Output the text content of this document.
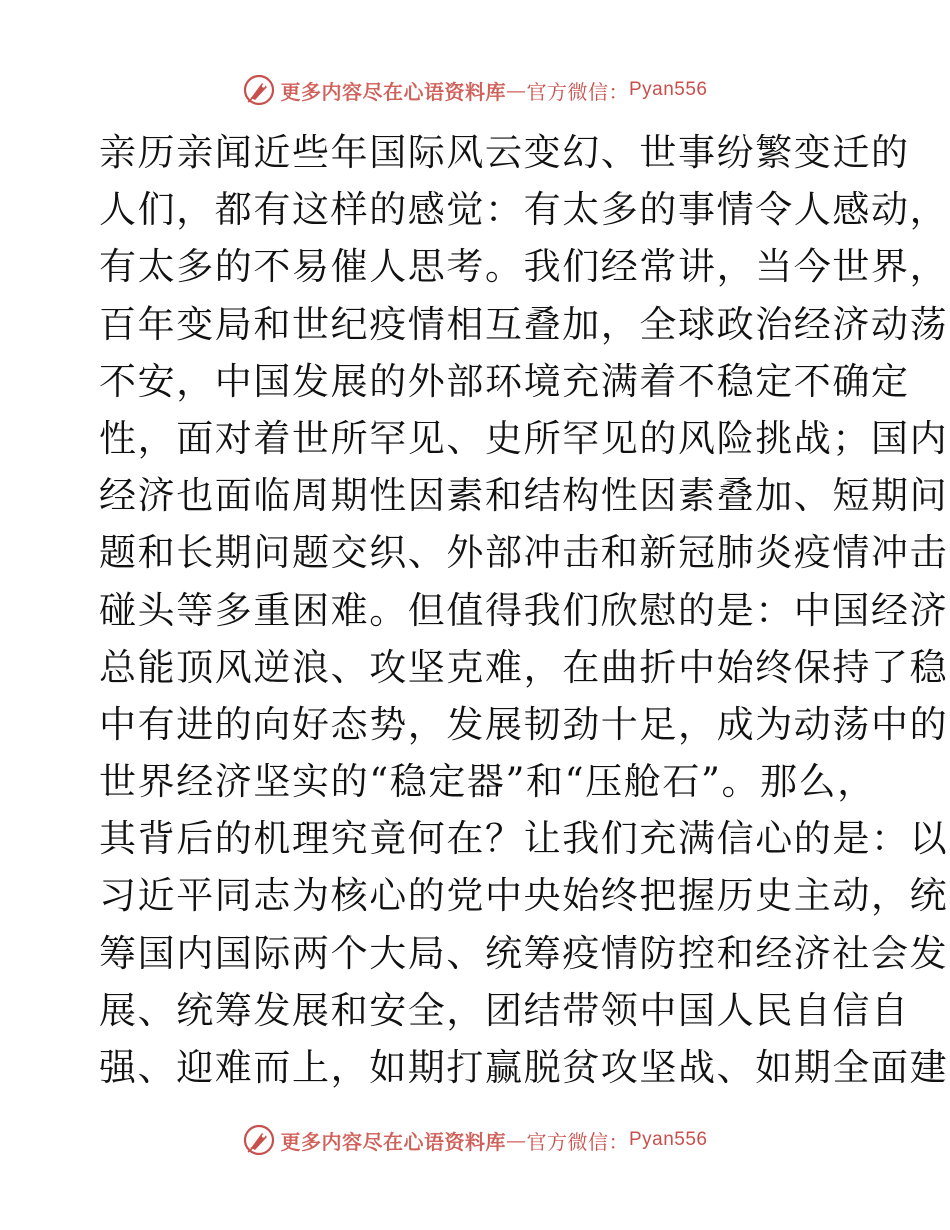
更多内容尽在心语资料库 — 官方微信： Pyan556
亲历亲闻近些年国际风云变幻、世事纷繁变迁的
人们，都有这样的感觉：有太多的事情令人感动，
有太多的不易催人思考。我们经常讲，当今世界，
百年变局和世纪疫情相互叠加，全球政治经济动荡
不安，中国发展的外部环境充满着不稳定不确定
性，面对着世所罕见、史所罕见的风险挑战；国内
经济也面临周期性因素和结构性因素叠加、短期问
题和长期问题交织、外部冲击和新冠肺炎疫情冲击
碰头等多重困难。但值得我们欣慰的是：中国经济
总能顶风逆浪、攻坚克难，在曲折中始终保持了稳
中有进的向好态势，发展韧劲十足，成为动荡中的
世界经济坚实的“稳定器”和“压舱石”。那么，
其背后的机理究竟何在？让我们充满信心的是：以
习近平同志为核心的党中央始终把握历史主动，统
筹国内国际两个大局、统筹疫情防控和经济社会发
展、统筹发展和安全，团结带领中国人民自信自
强、迎难而上，如期打赢脱贫攻坚战、如期全面建
更多内容尽在心语资料库 — 官方微信： Pyan556
